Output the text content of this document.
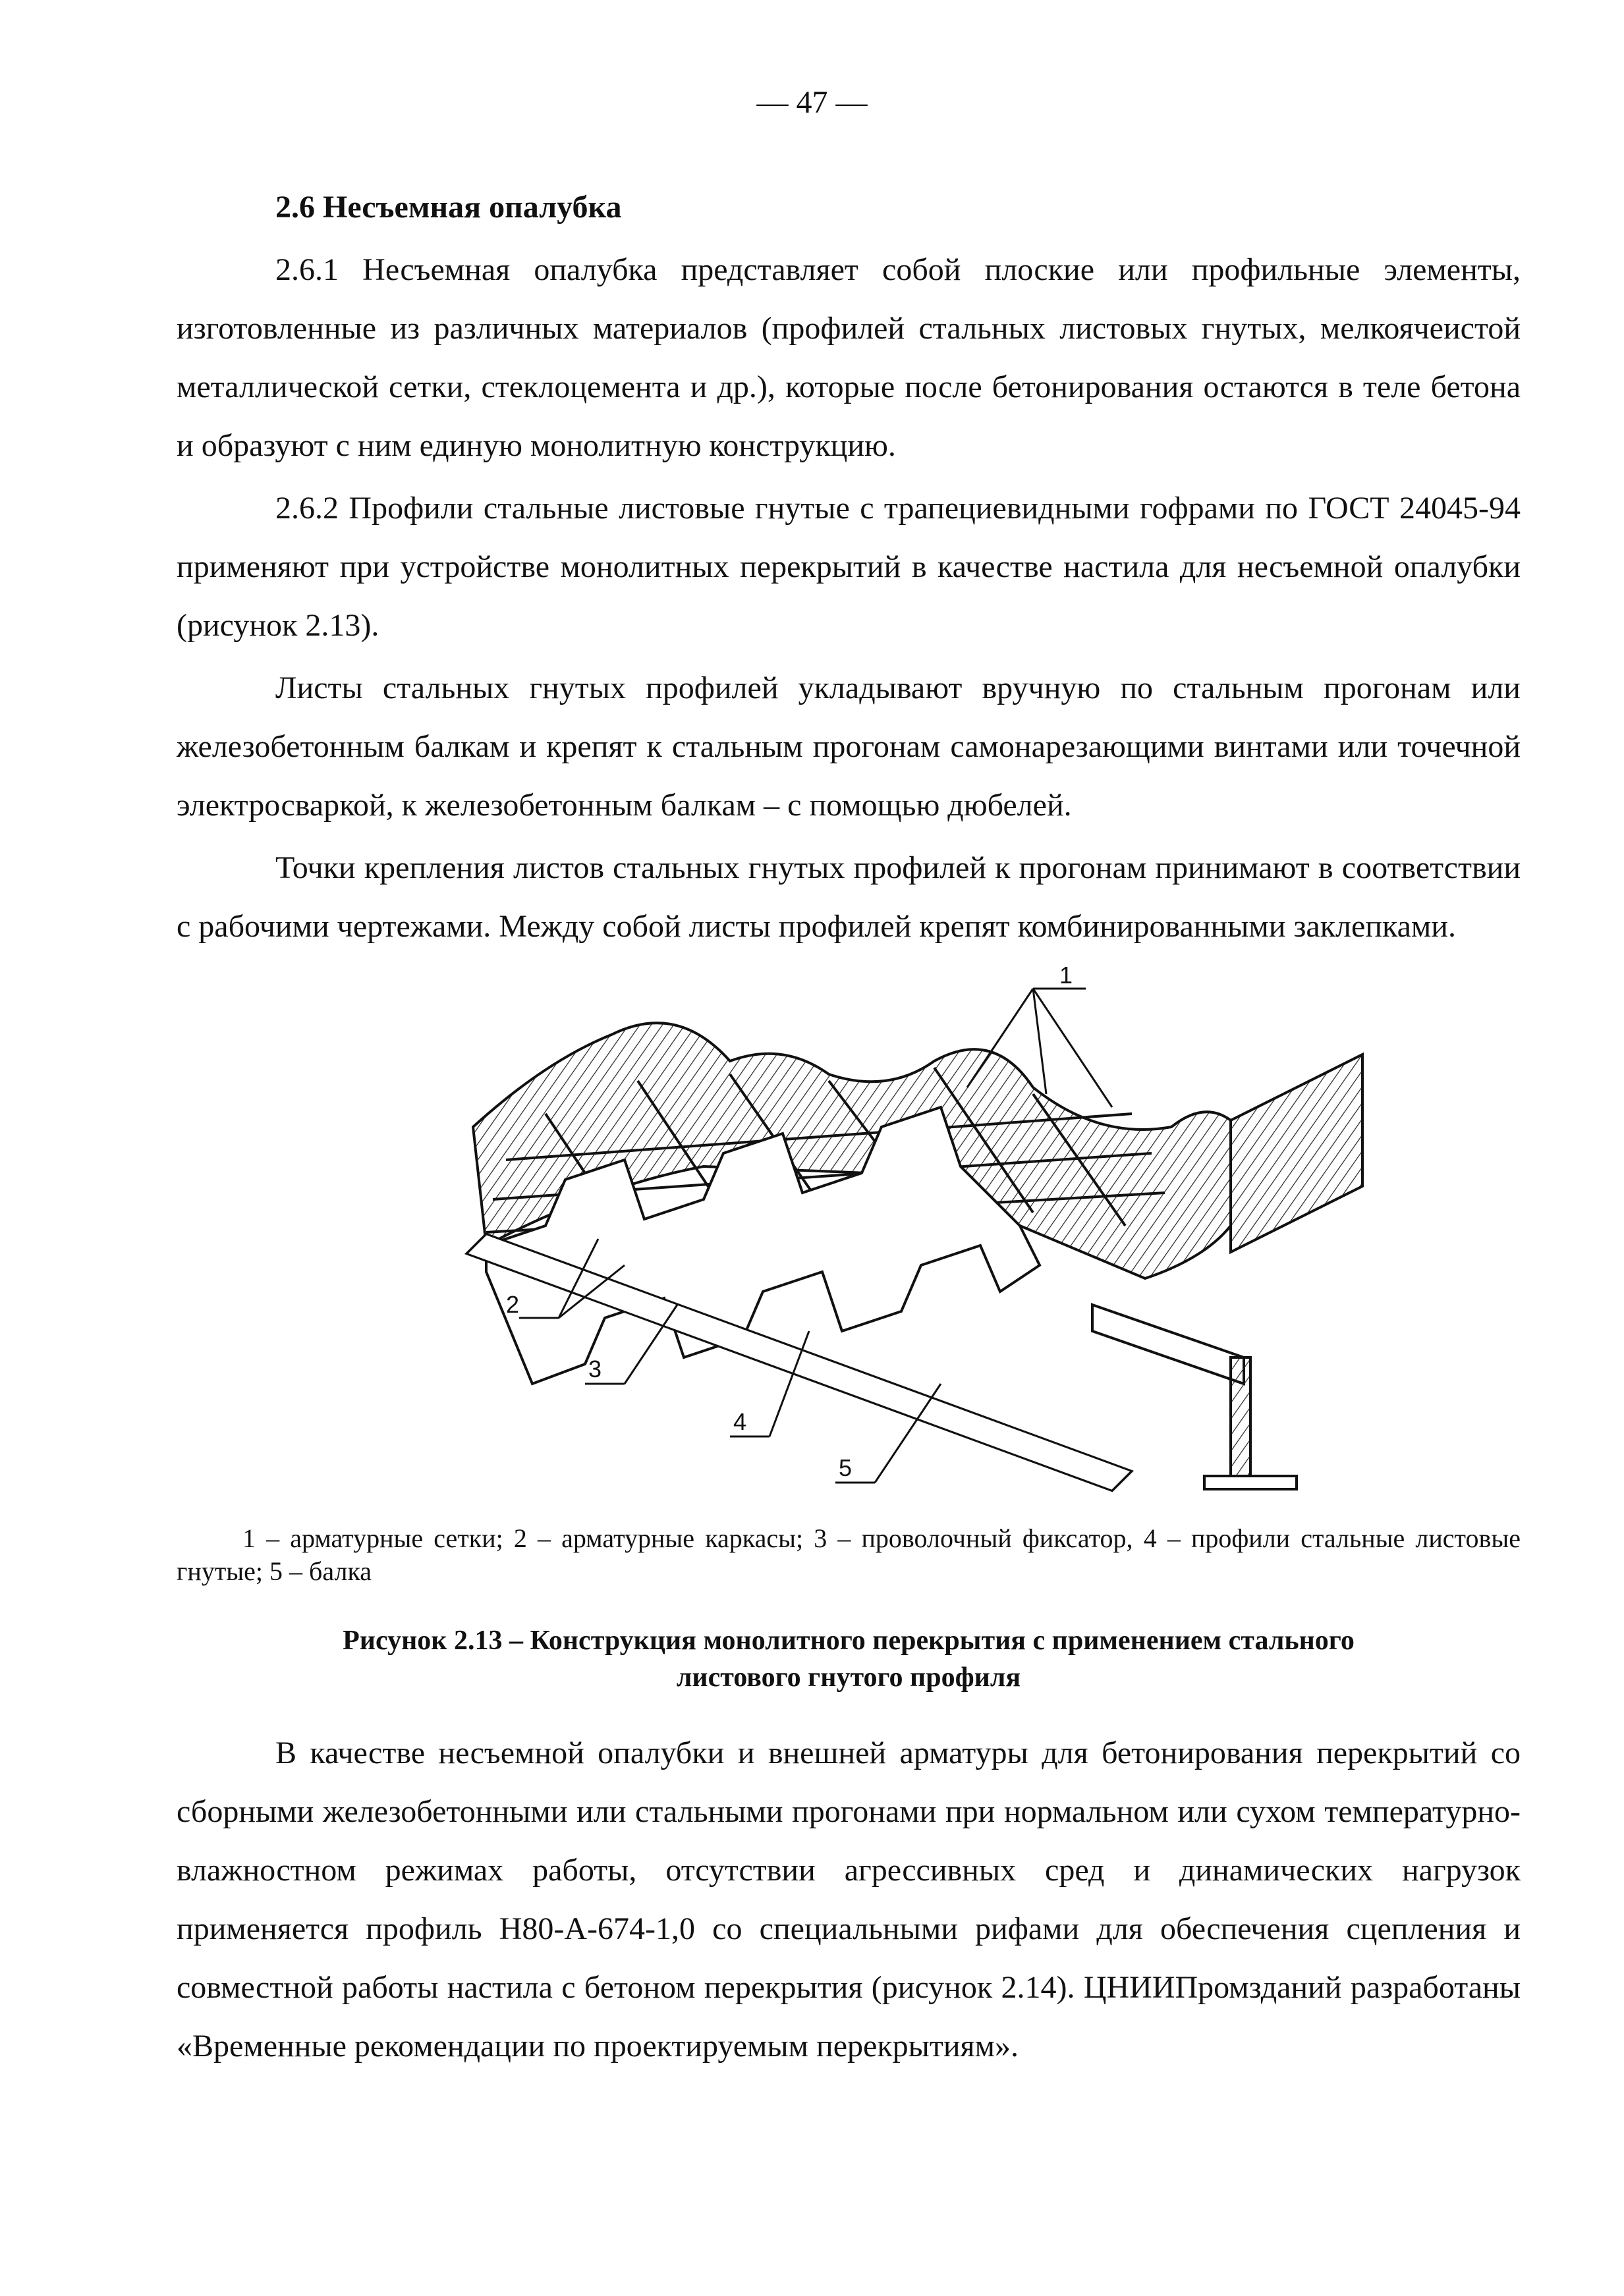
— 47 —
2.6 Несъемная опалубка

2.6.1 Несъемная опалубка представляет собой плоские или профильные элементы, изготовленные из различных материалов (профилей стальных листовых гнутых, мелкоячеистой металлической сетки, стеклоцемента и др.), которые после бетонирования остаются в теле бетона и образуют с ним единую монолитную конструкцию.

2.6.2 Профили стальные листовые гнутые с трапециевидными гофрами по ГОСТ 24045-94 применяют при устройстве монолитных перекрытий в качестве настила для несъемной опалубки (рисунок 2.13).

Листы стальных гнутых профилей укладывают вручную по стальным прогонам или железобетонным балкам и крепят к стальным прогонам самонарезающими винтами или точечной электросваркой, к железобетонным балкам – с помощью дюбелей.

Точки крепления листов стальных гнутых профилей к прогонам принимают в соответствии с рабочими чертежами. Между собой листы профилей крепят комбинированными заклепками.

1
2
3
4
5
1 – арматурные сетки; 2 – арматурные каркасы; 3 – проволочный фиксатор, 4 – профили стальные листовые гнутые; 5 – балка
Рисунок 2.13 – Конструкция монолитного перекрытия с применением стального
листового гнутого профиля

В качестве несъемной опалубки и внешней арматуры для бетонирования перекрытий со сборными железобетонными или стальными прогонами при нормальном или сухом температурно-влажностном режимах работы, отсутствии агрессивных сред и динамических нагрузок применяется профиль Н80-А-674-1,0 со специальными рифами для обеспечения сцепления и совместной работы настила с бетоном перекрытия (рисунок 2.14). ЦНИИПромзданий разработаны «Временные рекомендации по проектируемым перекрытиям».
